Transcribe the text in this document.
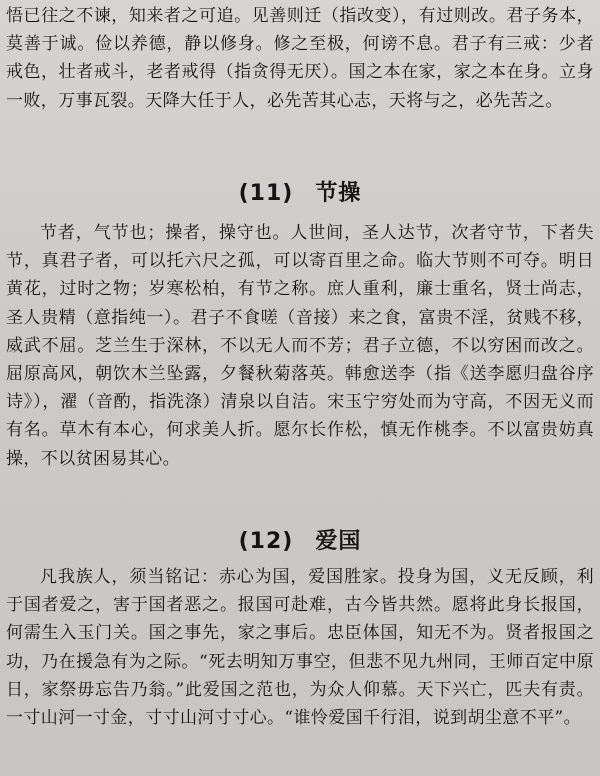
悟已往之不谏，知来者之可追。见善则迁（指改变），有过则改。君子务本，莫善于诚。俭以养德，静以修身。修之至极，何谤不息。君子有三戒：少者戒色，壮者戒斗，老者戒得（指贪得无厌）。国之本在家，家之本在身。立身一败，万事瓦裂。天降大任于人，必先苦其心志，天将与之，必先苦之。

(11) 节操

节者，气节也；操者，操守也。人世间，圣人达节，次者守节，下者失节，真君子者，可以托六尺之孤，可以寄百里之命。临大节则不可夺。明日黄花，过时之物；岁寒松柏，有节之称。庶人重利，廉士重名，贤士尚志，圣人贵精（意指纯一）。君子不食嗟（音接）来之食，富贵不淫，贫贱不移，威武不屈。芝兰生于深林，不以无人而不芳；君子立德，不以穷困而改之。屈原高风，朝饮木兰坠露，夕餐秋菊落英。韩愈送李（指《送李愿归盘谷序诗》），濯（音酌，指洗涤）清泉以自洁。宋玉宁穷处而为守高，不因无义而有名。草木有本心，何求美人折。愿尔长作松，慎无作桃李。不以富贵妨真操，不以贫困易其心。

(12) 爱国

凡我族人，须当铭记：赤心为国，爱国胜家。投身为国，义无反顾，利于国者爱之，害于国者恶之。报国可赴难，古今皆共然。愿将此身长报国，何需生入玉门关。国之事先，家之事后。忠臣体国，知无不为。贤者报国之功，乃在援急有为之际。“死去明知万事空，但悲不见九州同，王师百定中原日，家祭毋忘告乃翁。”此爱国之范也，为众人仰慕。天下兴亡，匹夫有责。一寸山河一寸金，寸寸山河寸寸心。“谁怜爱国千行泪，说到胡尘意不平”。
